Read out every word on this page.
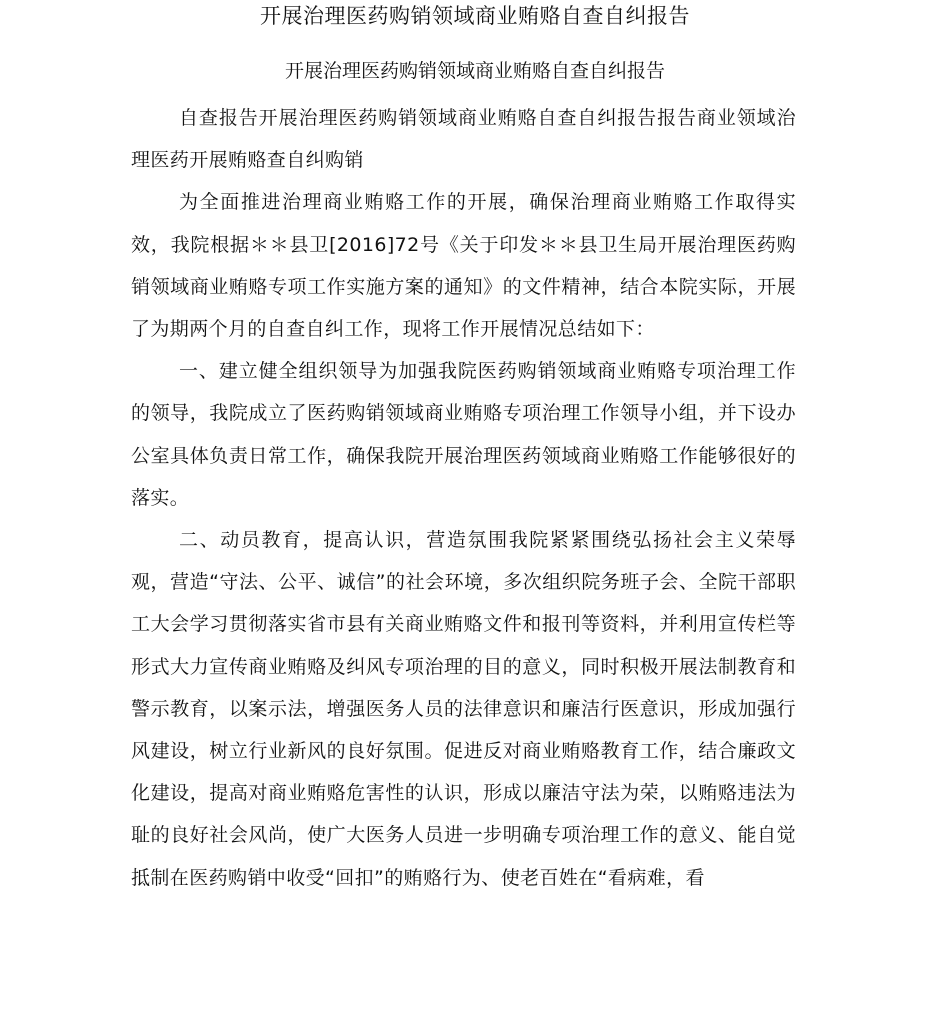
开展治理医药购销领域商业贿赂自查自纠报告
开展治理医药购销领域商业贿赂自查自纠报告

自查报告开展治理医药购销领域商业贿赂自查自纠报告报告商业领域治理医药开展贿赂查自纠购销

为全面推进治理商业贿赂工作的开展，确保治理商业贿赂工作取得实效，我院根据＊＊县卫[2016]72号《关于印发＊＊县卫生局开展治理医药购销领域商业贿赂专项工作实施方案的通知》的文件精神，结合本院实际，开展了为期两个月的自查自纠工作，现将工作开展情况总结如下：

一、建立健全组织领导为加强我院医药购销领域商业贿赂专项治理工作的领导，我院成立了医药购销领域商业贿赂专项治理工作领导小组，并下设办公室具体负责日常工作，确保我院开展治理医药领域商业贿赂工作能够很好的落实。

二、动员教育，提高认识，营造氛围我院紧紧围绕弘扬社会主义荣辱观，营造“守法、公平、诚信”的社会环境，多次组织院务班子会、全院干部职工大会学习贯彻落实省市县有关商业贿赂文件和报刊等资料，并利用宣传栏等形式大力宣传商业贿赂及纠风专项治理的目的意义，同时积极开展法制教育和警示教育，以案示法，增强医务人员的法律意识和廉洁行医意识，形成加强行风建设，树立行业新风的良好氛围。促进反对商业贿赂教育工作，结合廉政文化建设，提高对商业贿赂危害性的认识，形成以廉洁守法为荣，以贿赂违法为耻的良好社会风尚，使广大医务人员进一步明确专项治理工作的意义、能自觉抵制在医药购销中收受“回扣”的贿赂行为、使老百姓在“看病难，看
